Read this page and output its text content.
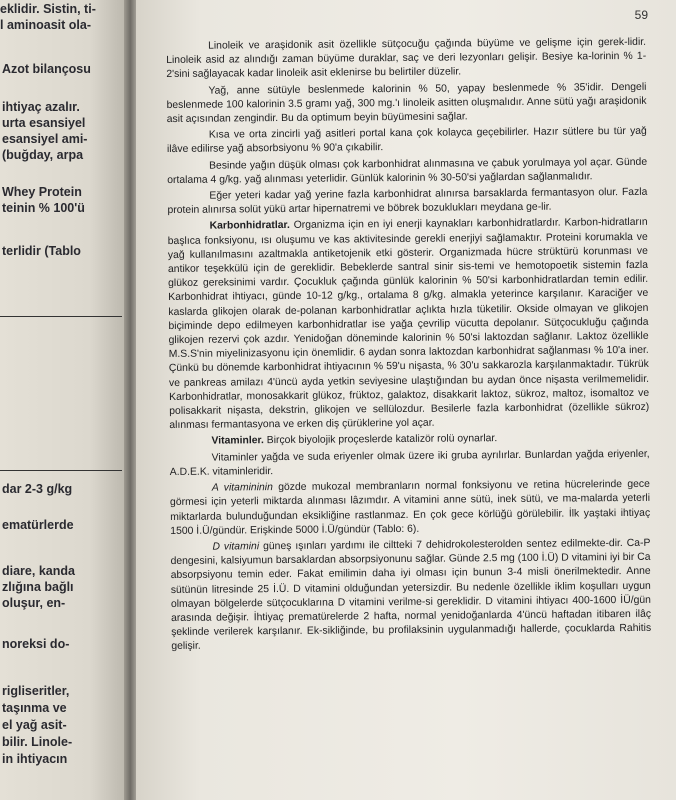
eklidir. Sistin, ti-
l aminoasit ola-
Azot bilançosu
ihtiyaç azalır.
urta esansiyel
esansiyel ami-
(buğday, arpa
Whey Protein
teinin % 100'ü
terlidir (Tablo
dar 2-3 g/kg
ematürlerde
diare, kanda
zlığına bağlı
oluşur, en-
noreksi do-
rigliseritler,
taşınma ve
el yağ asit-
bilir. Linole-
in ihtiyacın
59

Linoleik ve araşidonik asit özellikle sütçocuğu çağında büyüme ve gelişme için gerek-lidir. Linoleik asid az alındığı zaman büyüme duraklar, saç ve deri lezyonları gelişir. Besiye ka-lorinin % 1-2'sini sağlayacak kadar linoleik asit eklenirse bu belirtiler düzelir.

Yağ, anne sütüyle beslenmede kalorinin % 50, yapay beslenmede % 35'idir. Dengeli beslenmede 100 kalorinin 3.5 gramı yağ, 300 mg.'ı linoleik asitten oluşmalıdır. Anne sütü yağı araşidonik asit açısından zengindir. Bu da optimum beyin büyümesini sağlar.

Kısa ve orta zincirli yağ asitleri portal kana çok kolayca geçebilirler. Hazır sütlere bu tür yağ ilâve edilirse yağ absorbsiyonu % 90'a çıkabilir.

Besinde yağın düşük olması çok karbonhidrat alınmasına ve çabuk yorulmaya yol açar. Günde ortalama 4 g/kg. yağ alınması yeterlidir. Günlük kalorinin % 30-50'si yağlardan sağlanmalıdır.

Eğer yeteri kadar yağ yerine fazla karbonhidrat alınırsa barsaklarda fermantasyon olur. Fazla protein alınırsa solüt yükü artar hipernatremi ve böbrek bozuklukları meydana ge-lir.

Karbonhidratlar. Organizma için en iyi enerji kaynakları karbonhidratlardır. Karbon-hidratların başlıca fonksiyonu, ısı oluşumu ve kas aktivitesinde gerekli enerjiyi sağlamaktır. Proteini korumakla ve yağ kullanılmasını azaltmakla antiketojenik etki gösterir. Organizmada hücre strüktürü korunması ve antikor teşekkülü için de gereklidir. Bebeklerde santral sinir sis-temi ve hemotopoetik sistemin fazla glükoz gereksinimi vardır. Çocukluk çağında günlük kalorinin % 50'si karbonhidratlardan temin edilir. Karbonhidrat ihtiyacı, günde 10-12 g/kg., ortalama 8 g/kg. almakla yeterince karşılanır. Karaciğer ve kaslarda glikojen olarak de-polanan karbonhidratlar açlıkta hızla tüketilir. Okside olmayan ve glikojen biçiminde depo edilmeyen karbonhidratlar ise yağa çevrilip vücutta depolanır. Sütçocukluğu çağında glikojen rezervi çok azdır. Yenidoğan döneminde kalorinin % 50'si laktozdan sağlanır. Laktoz özellikle M.S.S'nin miyelinizasyonu için önemlidir. 6 aydan sonra laktozdan karbonhidrat sağlanması % 10'a iner. Çünkü bu dönemde karbonhidrat ihtiyacının % 59'u nişasta, % 30'u sakkarozla karşılanmaktadır. Tükrük ve pankreas amilazı 4'üncü ayda yetkin seviyesine ulaştığından bu aydan önce nişasta verilmemelidir. Karbonhidratlar, monosakkarit glükoz, früktoz, galaktoz, disakkarit laktoz, sükroz, maltoz, isomaltoz ve polisakkarit nişasta, dekstrin, glikojen ve sellülozdur. Besilerle fazla karbonhidrat (özellikle sükroz) alınması fermantasyona ve erken diş çürüklerine yol açar.

Vitaminler. Birçok biyolojik proçeslerde katalizör rolü oynarlar.

Vitaminler yağda ve suda eriyenler olmak üzere iki gruba ayrılırlar. Bunlardan yağda eriyenler, A.D.E.K. vitaminleridir.

A vitamininin gözde mukozal membranların normal fonksiyonu ve retina hücrelerinde gece görmesi için yeterli miktarda alınması lâzımdır. A vitamini anne sütü, inek sütü, ve ma-malarda yeterli miktarlarda bulunduğundan eksikliğine rastlanmaz. En çok gece körlüğü görülebilir. İlk yaştaki ihtiyaç 1500 İ.Ü/gündür. Erişkinde 5000 İ.Ü/gündür (Tablo: 6).

D vitamini güneş ışınları yardımı ile ciltteki 7 dehidrokolesterolden sentez edilmekte-dir. Ca-P dengesini, kalsiyumun barsaklardan absorpsiyonunu sağlar. Günde 2.5 mg (100 İ.Ü) D vitamini iyi bir Ca absorpsiyonu temin eder. Fakat emilimin daha iyi olması için bunun 3-4 misli önerilmektedir. Anne sütünün litresinde 25 İ.Ü. D vitamini olduğundan yetersizdir. Bu nedenle özellikle iklim koşulları uygun olmayan bölgelerde sütçocuklarına D vitamini verilme-si gereklidir. D vitamini ihtiyacı 400-1600 İÜ/gün arasında değişir. İhtiyaç prematürelerde 2 hafta, normal yenidoğanlarda 4'üncü haftadan itibaren ilâç şeklinde verilerek karşılanır. Ek-sikliğinde, bu profilaksinin uygulanmadığı hallerde, çocuklarda Rahitis gelişir.
